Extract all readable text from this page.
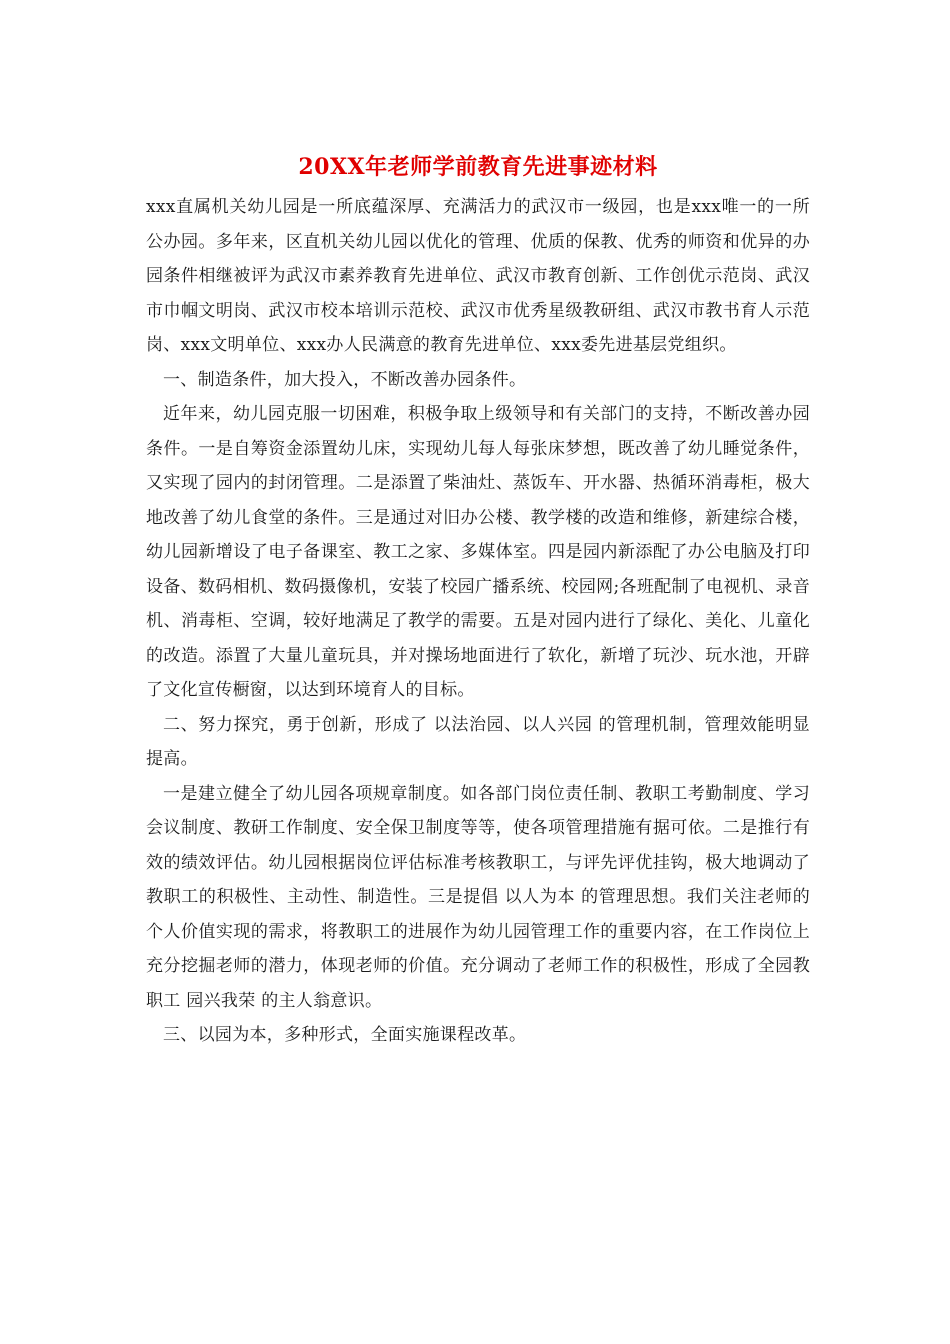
20XX年老师学前教育先进事迹材料

xxx直属机关幼儿园是一所底蕴深厚、充满活力的武汉市一级园，也是xxx唯一的一所公办园。多年来，区直机关幼儿园以优化的管理、优质的保教、优秀的师资和优异的办园条件相继被评为武汉市素养教育先进单位、武汉市教育创新、工作创优示范岗、武汉市巾帼文明岗、武汉市校本培训示范校、武汉市优秀星级教研组、武汉市教书育人示范岗、xxx文明单位、xxx办人民满意的教育先进单位、xxx委先进基层党组织。

一、制造条件，加大投入，不断改善办园条件。

近年来，幼儿园克服一切困难，积极争取上级领导和有关部门的支持，不断改善办园条件。一是自筹资金添置幼儿床，实现幼儿每人每张床梦想，既改善了幼儿睡觉条件，又实现了园内的封闭管理。二是添置了柴油灶、蒸饭车、开水器、热循环消毒柜，极大地改善了幼儿食堂的条件。三是通过对旧办公楼、教学楼的改造和维修，新建综合楼，幼儿园新增设了电子备课室、教工之家、多媒体室。四是园内新添配了办公电脑及打印设备、数码相机、数码摄像机，安装了校园广播系统、校园网;各班配制了电视机、录音机、消毒柜、空调，较好地满足了教学的需要。五是对园内进行了绿化、美化、儿童化的改造。添置了大量儿童玩具，并对操场地面进行了软化，新增了玩沙、玩水池，开辟了文化宣传橱窗，以达到环境育人的目标。

二、努力探究，勇于创新，形成了 以法治园、以人兴园 的管理机制，管理效能明显提高。

一是建立健全了幼儿园各项规章制度。如各部门岗位责任制、教职工考勤制度、学习会议制度、教研工作制度、安全保卫制度等等，使各项管理措施有据可依。二是推行有效的绩效评估。幼儿园根据岗位评估标准考核教职工，与评先评优挂钩，极大地调动了教职工的积极性、主动性、制造性。三是提倡 以人为本 的管理思想。我们关注老师的个人价值实现的需求，将教职工的进展作为幼儿园管理工作的重要内容，在工作岗位上充分挖掘老师的潜力，体现老师的价值。充分调动了老师工作的积极性，形成了全园教职工 园兴我荣 的主人翁意识。

三、以园为本，多种形式，全面实施课程改革。
